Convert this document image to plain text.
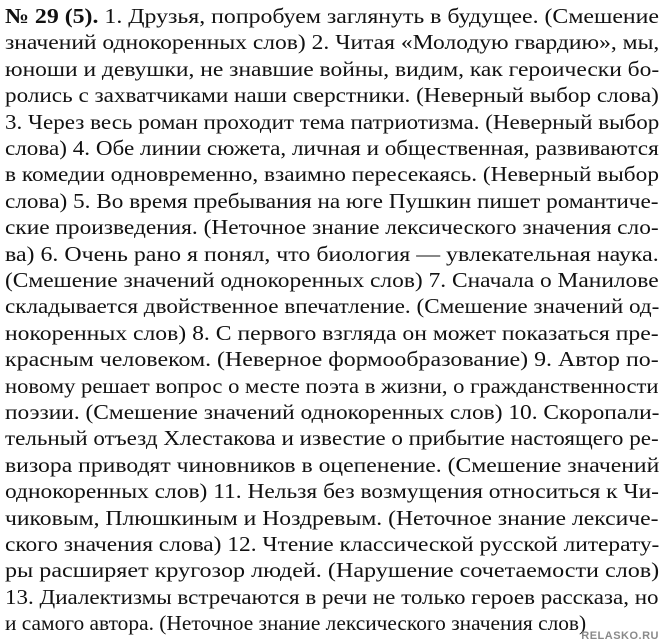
№ 29 (5). 1. Друзья, попробуем заглянуть в будущее. (Смешение
значений однокоренных слов) 2. Читая «Молодую гвардию», мы,
юноши и девушки, не знавшие войны, видим, как героически бо-
ролись с захватчиками наши сверстники. (Неверный выбор слова)
3. Через весь роман проходит тема патриотизма. (Неверный выбор
слова) 4. Обе линии сюжета, личная и общественная, развиваются
в комедии одновременно, взаимно пересекаясь. (Неверный выбор
слова) 5. Во время пребывания на юге Пушкин пишет романтиче-
ские произведения. (Неточное знание лексического значения сло-
ва) 6. Очень рано я понял, что биология — увлекательная наука.
(Смешение значений однокоренных слов) 7. Сначала о Манилове
складывается двойственное впечатление. (Смешение значений од-
нокоренных слов) 8. С первого взгляда он может показаться пре-
красным человеком. (Неверное формообразование) 9. Автор по-
новому решает вопрос о месте поэта в жизни, о гражданственности
поэзии. (Смешение значений однокоренных слов) 10. Скоропали-
тельный отъезд Хлестакова и известие о прибытие настоящего ре-
визора приводят чиновников в оцепенение. (Смешение значений
однокоренных слов) 11. Нельзя без возмущения относиться к Чи-
чиковым, Плюшкиным и Ноздревым. (Неточное знание лексиче-
ского значения слова) 12. Чтение классической русской литерату-
ры расширяет кругозор людей. (Нарушение сочетаемости слов)
13. Диалектизмы встречаются в речи не только героев рассказа, но
и самого автора. (Неточное знание лексического значения слов)
RELASKO.RU
